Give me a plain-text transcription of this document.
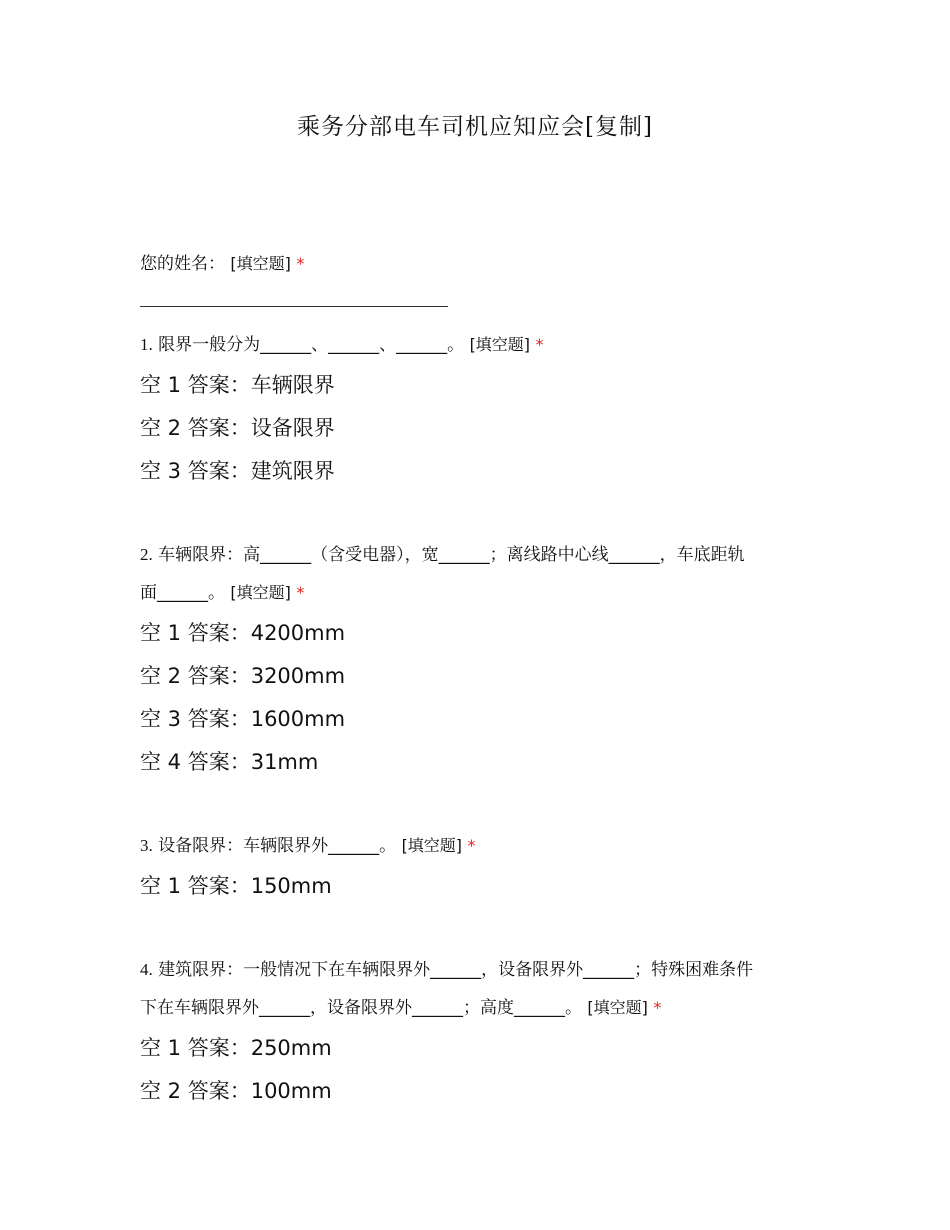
乘务分部电车司机应知应会[复制]
您的姓名： [填空题] *
1. 限界一般分为______、______、______。 [填空题] *
空 1 答案：车辆限界
空 2 答案：设备限界
空 3 答案：建筑限界
2. 车辆限界：高______（含受电器），宽______；离线路中心线______，车底距轨
面______。 [填空题] *
空 1 答案：4200mm
空 2 答案：3200mm
空 3 答案：1600mm
空 4 答案：31mm
3. 设备限界：车辆限界外______。 [填空题] *
空 1 答案：150mm
4. 建筑限界：一般情况下在车辆限界外______，设备限界外______；特殊困难条件
下在车辆限界外______，设备限界外______；高度______。 [填空题] *
空 1 答案：250mm
空 2 答案：100mm
